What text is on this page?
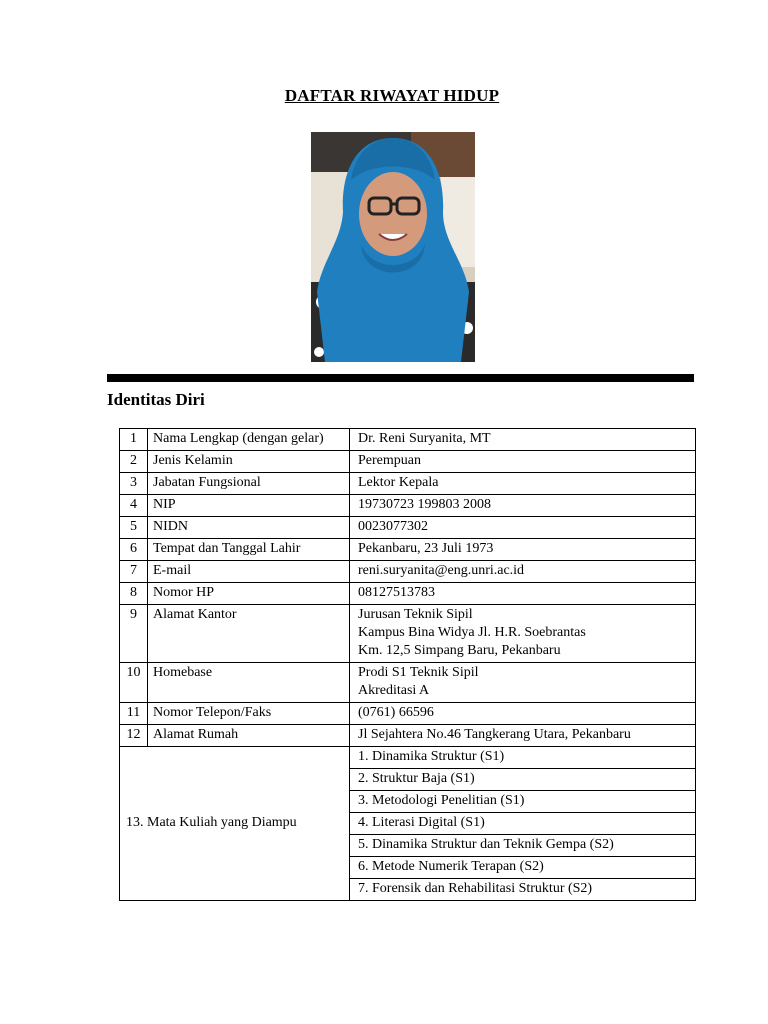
DAFTAR RIWAYAT HIDUP
Identitas Diri
1	Nama Lengkap (dengan gelar)	Dr. Reni Suryanita, MT

2	Jenis Kelamin	Perempuan

3	Jabatan Fungsional	Lektor Kepala

4	NIP	19730723 199803 2008

5	NIDN	0023077302

6	Tempat dan Tanggal Lahir	Pekanbaru, 23 Juli 1973

7	E-mail	reni.suryanita@eng.unri.ac.id

8	Nomor HP	08127513783

9	Alamat Kantor	Jurusan Teknik Sipil
Kampus Bina Widya Jl. H.R. Soebrantas
Km. 12,5 Simpang Baru, Pekanbaru

10	Homebase	Prodi S1 Teknik Sipil
Akreditasi A

11	Nomor Telepon/Faks	(0761) 66596

12	Alamat Rumah	Jl Sejahtera No.46 Tangkerang Utara, Pekanbaru

13. Mata Kuliah yang Diampu		1. Dinamika Struktur (S1)
		2. Struktur Baja (S1)
		3. Metodologi Penelitian (S1)
		4. Literasi Digital (S1)
		5. Dinamika Struktur dan Teknik Gempa (S2)
		6. Metode Numerik Terapan (S2)
		7. Forensik dan Rehabilitasi Struktur (S2)
